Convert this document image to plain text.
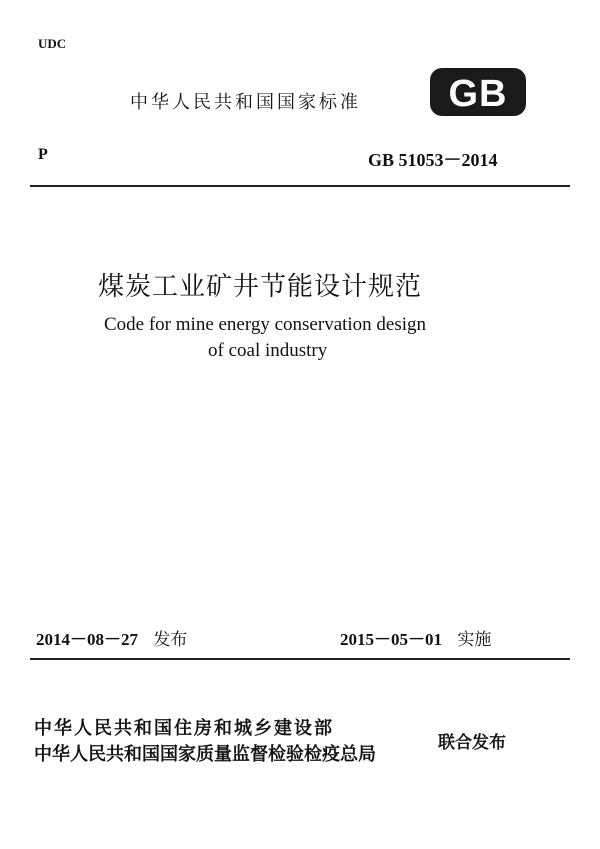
UDC
中华人民共和国国家标准 GB
P	GB 51053－2014
煤炭工业矿井节能设计规范
Code for mine energy conservation design
of coal industry
2014－08－27 发布	2015－05－01 实施
中华人民共和国住房和城乡建设部
中华人民共和国国家质量监督检验检疫总局
联合发布
